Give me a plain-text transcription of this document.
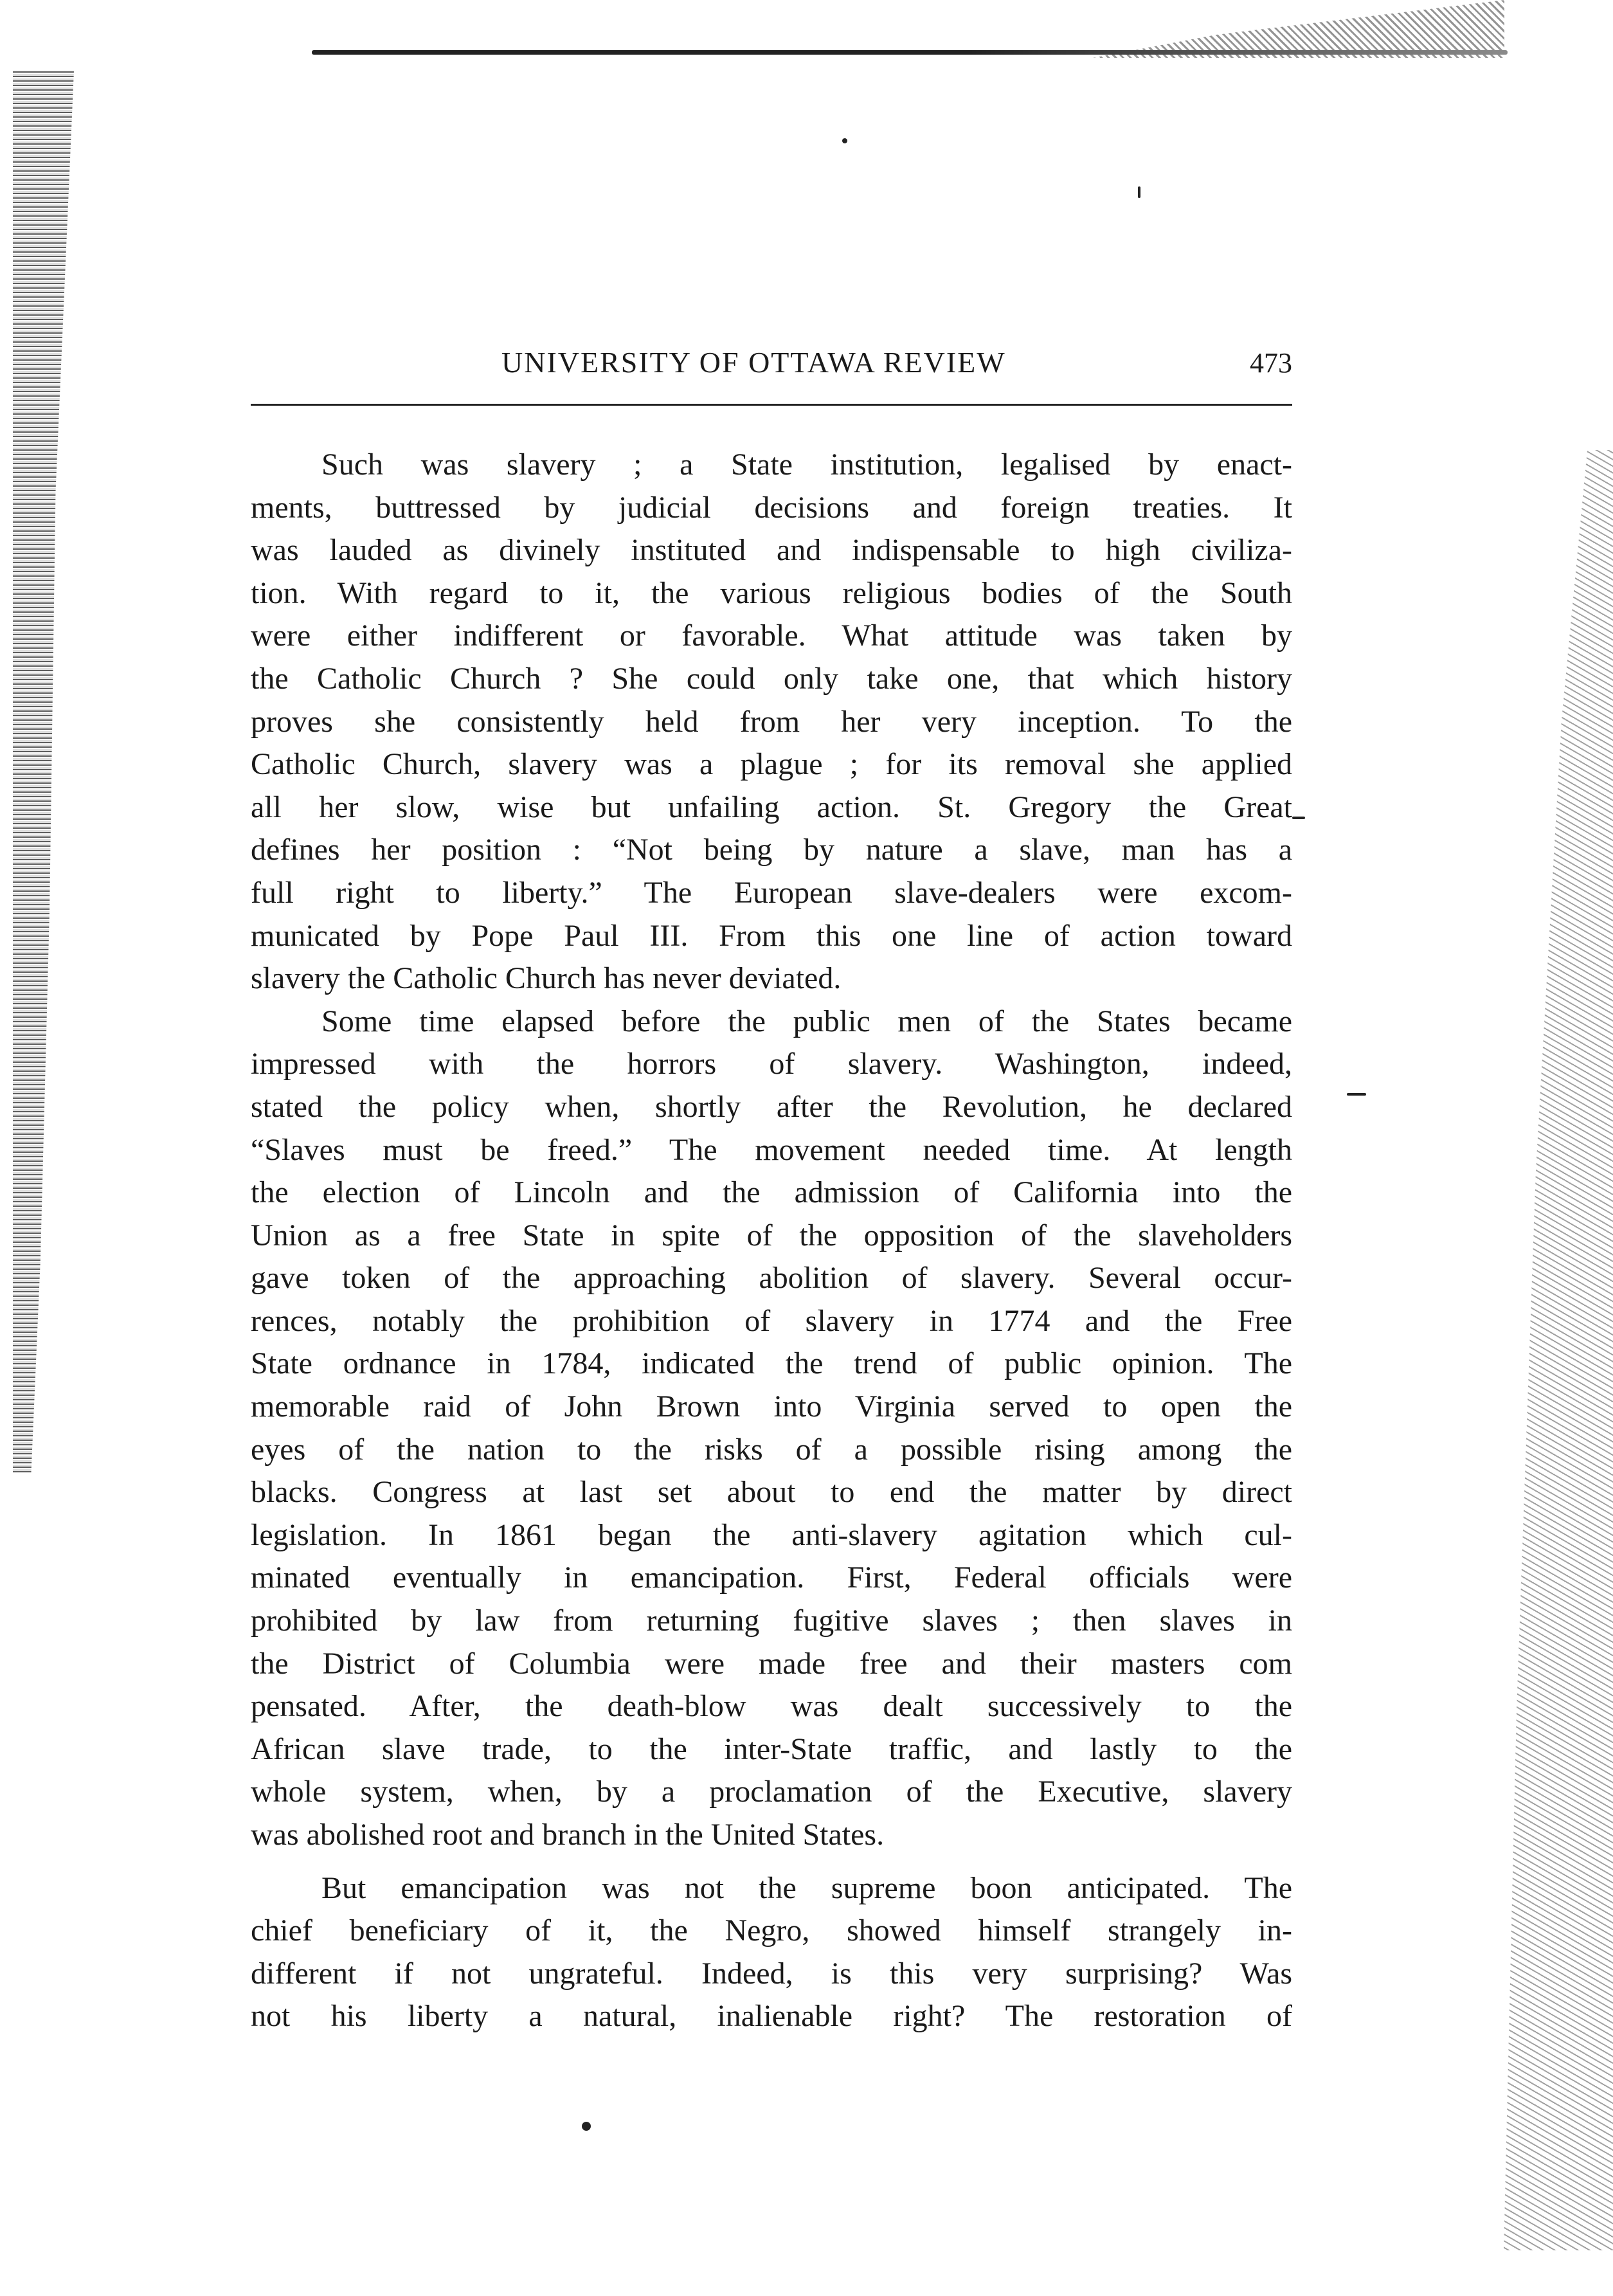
UNIVERSITY OF OTTAWA REVIEW	473

Such was slavery ; a State institution, legalised by enact-

ments, buttressed by judicial decisions and foreign treaties. It

was lauded as divinely instituted and indispensable to high civiliza-

tion. With regard to it, the various religious bodies of the South

were either indifferent or favorable. What attitude was taken by

the Catholic Church ? She could only take one, that which history

proves she consistently held from her very inception. To the

Catholic Church, slavery was a plague ; for its removal she applied

all her slow, wise but unfailing action. St. Gregory the Great

defines her position : “Not being by nature a slave, man has a

full right to liberty.” The European slave-dealers were excom-

municated by Pope Paul III. From this one line of action toward

slavery the Catholic Church has never deviated.

Some time elapsed before the public men of the States became

impressed with the horrors of slavery. Washington, indeed,

stated the policy when, shortly after the Revolution, he declared

“Slaves must be freed.” The movement needed time. At length

the election of Lincoln and the admission of California into the

Union as a free State in spite of the opposition of the slaveholders

gave token of the approaching abolition of slavery. Several occur-

rences, notably the prohibition of slavery in 1774 and the Free

State ordnance in 1784, indicated the trend of public opinion. The

memorable raid of John Brown into Virginia served to open the

eyes of the nation to the risks of a possible rising among the

blacks. Congress at last set about to end the matter by direct

legislation. In 1861 began the anti-slavery agitation which cul-

minated eventually in emancipation. First, Federal officials were

prohibited by law from returning fugitive slaves ; then slaves in

the District of Columbia were made free and their masters com

pensated. After, the death-blow was dealt successively to the

African slave trade, to the inter-State traffic, and lastly to the

whole system, when, by a proclamation of the Executive, slavery

was abolished root and branch in the United States.

But emancipation was not the supreme boon anticipated. The

chief beneficiary of it, the Negro, showed himself strangely in-

different if not ungrateful. Indeed, is this very surprising? Was

not his liberty a natural, inalienable right? The restoration of
